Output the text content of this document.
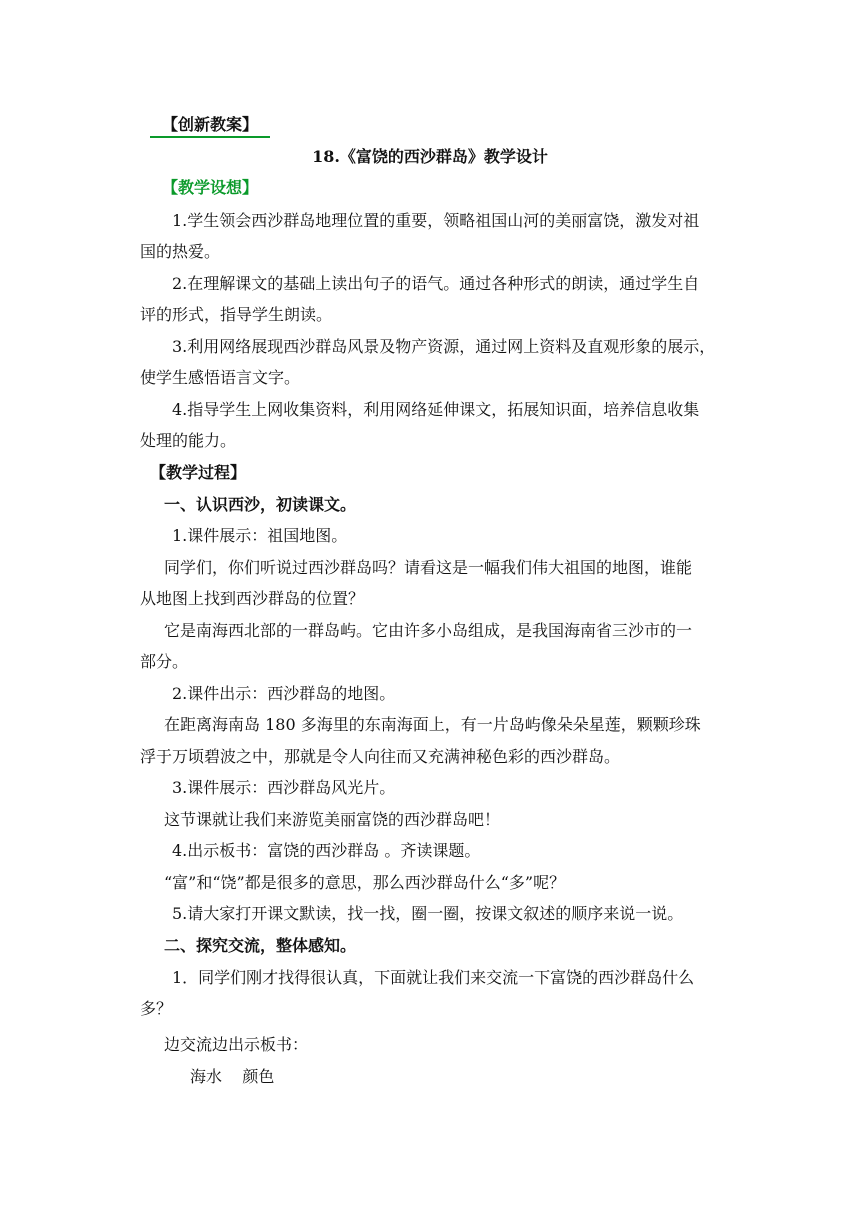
【创新教案】
18.《富饶的西沙群岛》教学设计
【教学设想】
1.学生领会西沙群岛地理位置的重要，领略祖国山河的美丽富饶，激发对祖
国的热爱。
2.在理解课文的基础上读出句子的语气。通过各种形式的朗读，通过学生自
评的形式，指导学生朗读。
3.利用网络展现西沙群岛风景及物产资源，通过网上资料及直观形象的展示，
使学生感悟语言文字。
4.指导学生上网收集资料，利用网络延伸课文，拓展知识面，培养信息收集
处理的能力。
【教学过程】
一、认识西沙，初读课文。
1.课件展示：祖国地图。
同学们，你们听说过西沙群岛吗？请看这是一幅我们伟大祖国的地图，谁能
从地图上找到西沙群岛的位置？
它是南海西北部的一群岛屿。它由许多小岛组成，是我国海南省三沙市的一
部分。
2.课件出示：西沙群岛的地图。
在距离海南岛 180 多海里的东南海面上，有一片岛屿像朵朵星莲，颗颗珍珠
浮于万顷碧波之中，那就是令人向往而又充满神秘色彩的西沙群岛。
3.课件展示：西沙群岛风光片。
这节课就让我们来游览美丽富饶的西沙群岛吧！
4.出示板书：富饶的西沙群岛 。齐读课题。
“富”和“饶”都是很多的意思，那么西沙群岛什么“多”呢？
5.请大家打开课文默读，找一找，圈一圈，按课文叙述的顺序来说一说。
二、探究交流，整体感知。
1．同学们刚才找得很认真，下面就让我们来交流一下富饶的西沙群岛什么
多？
边交流边出示板书：
海水    颜色
